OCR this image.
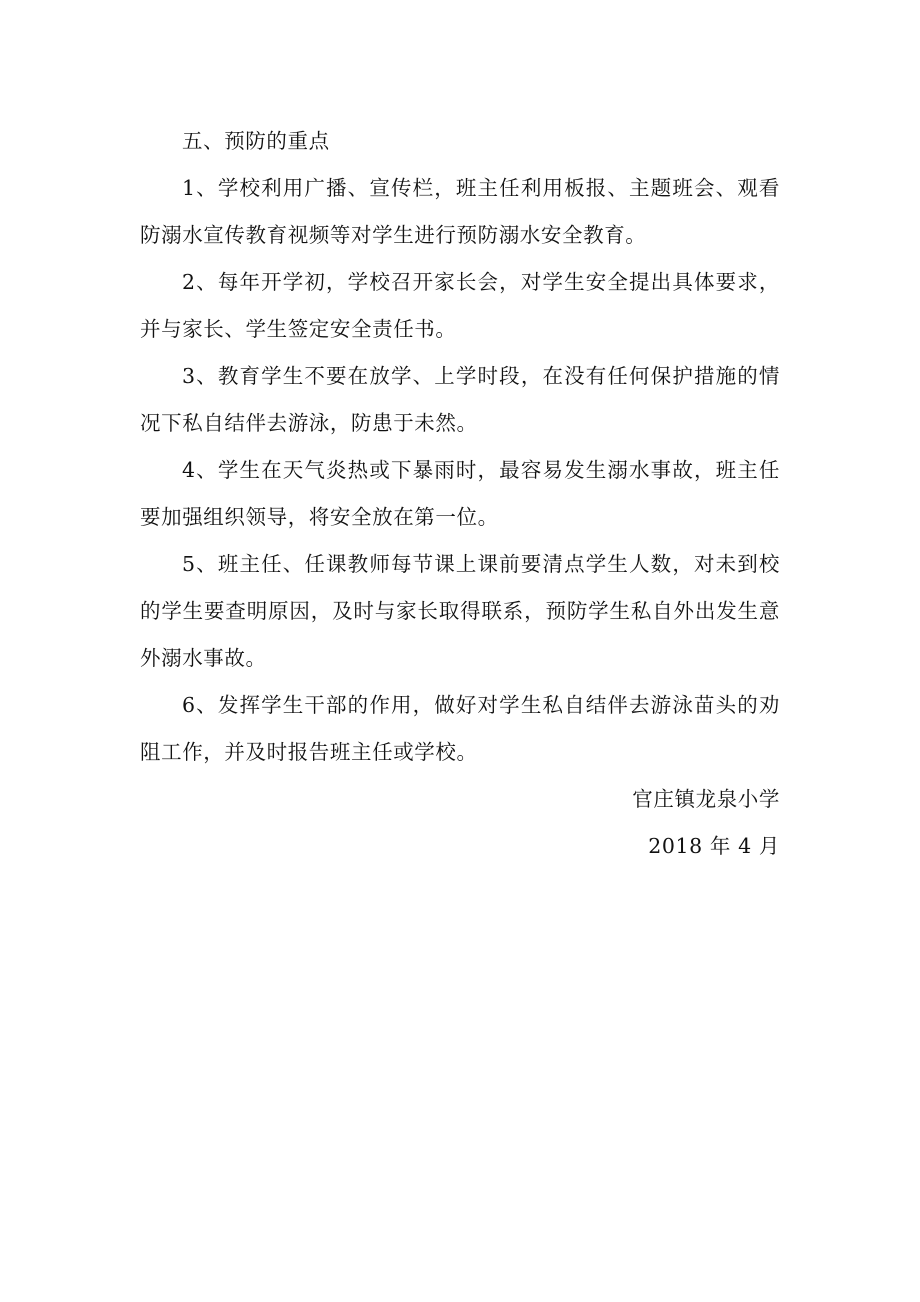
五、预防的重点

1、学校利用广播、宣传栏，班主任利用板报、主题班会、观看防溺水宣传教育视频等对学生进行预防溺水安全教育。

2、每年开学初，学校召开家长会，对学生安全提出具体要求，并与家长、学生签定安全责任书。

3、教育学生不要在放学、上学时段，在没有任何保护措施的情况下私自结伴去游泳，防患于未然。

4、学生在天气炎热或下暴雨时，最容易发生溺水事故，班主任要加强组织领导，将安全放在第一位。

5、班主任、任课教师每节课上课前要清点学生人数，对未到校的学生要查明原因，及时与家长取得联系，预防学生私自外出发生意外溺水事故。

6、发挥学生干部的作用，做好对学生私自结伴去游泳苗头的劝阻工作，并及时报告班主任或学校。

官庄镇龙泉小学

2018 年 4 月
